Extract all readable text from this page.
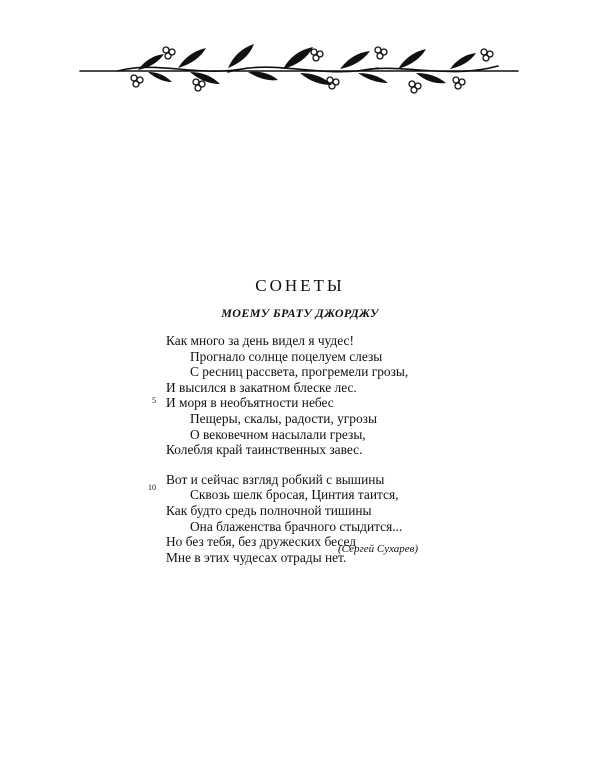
СОНЕТЫ
МОЕМУ БРАТУ ДЖОРДЖУ
Как много за день видел я чудес!
Прогнало солнце поцелуем слезы
С ресниц рассвета, прогремели грозы,
И высился в закатном блеске лес.
5 И моря в необъятности небес
Пещеры, скалы, радости, угрозы
О вековечном насылали грезы,
Колебля край таинственных завес.
Вот и сейчас взгляд робкий с вышины
10	Сквозь шелк бросая, Цинтия таится,
Как будто средь полночной тишины
Она блаженства брачного стыдится...
Но без тебя, без дружеских бесед
Мне в этих чудесах отрады нет.
(Сергей Сухарев)
